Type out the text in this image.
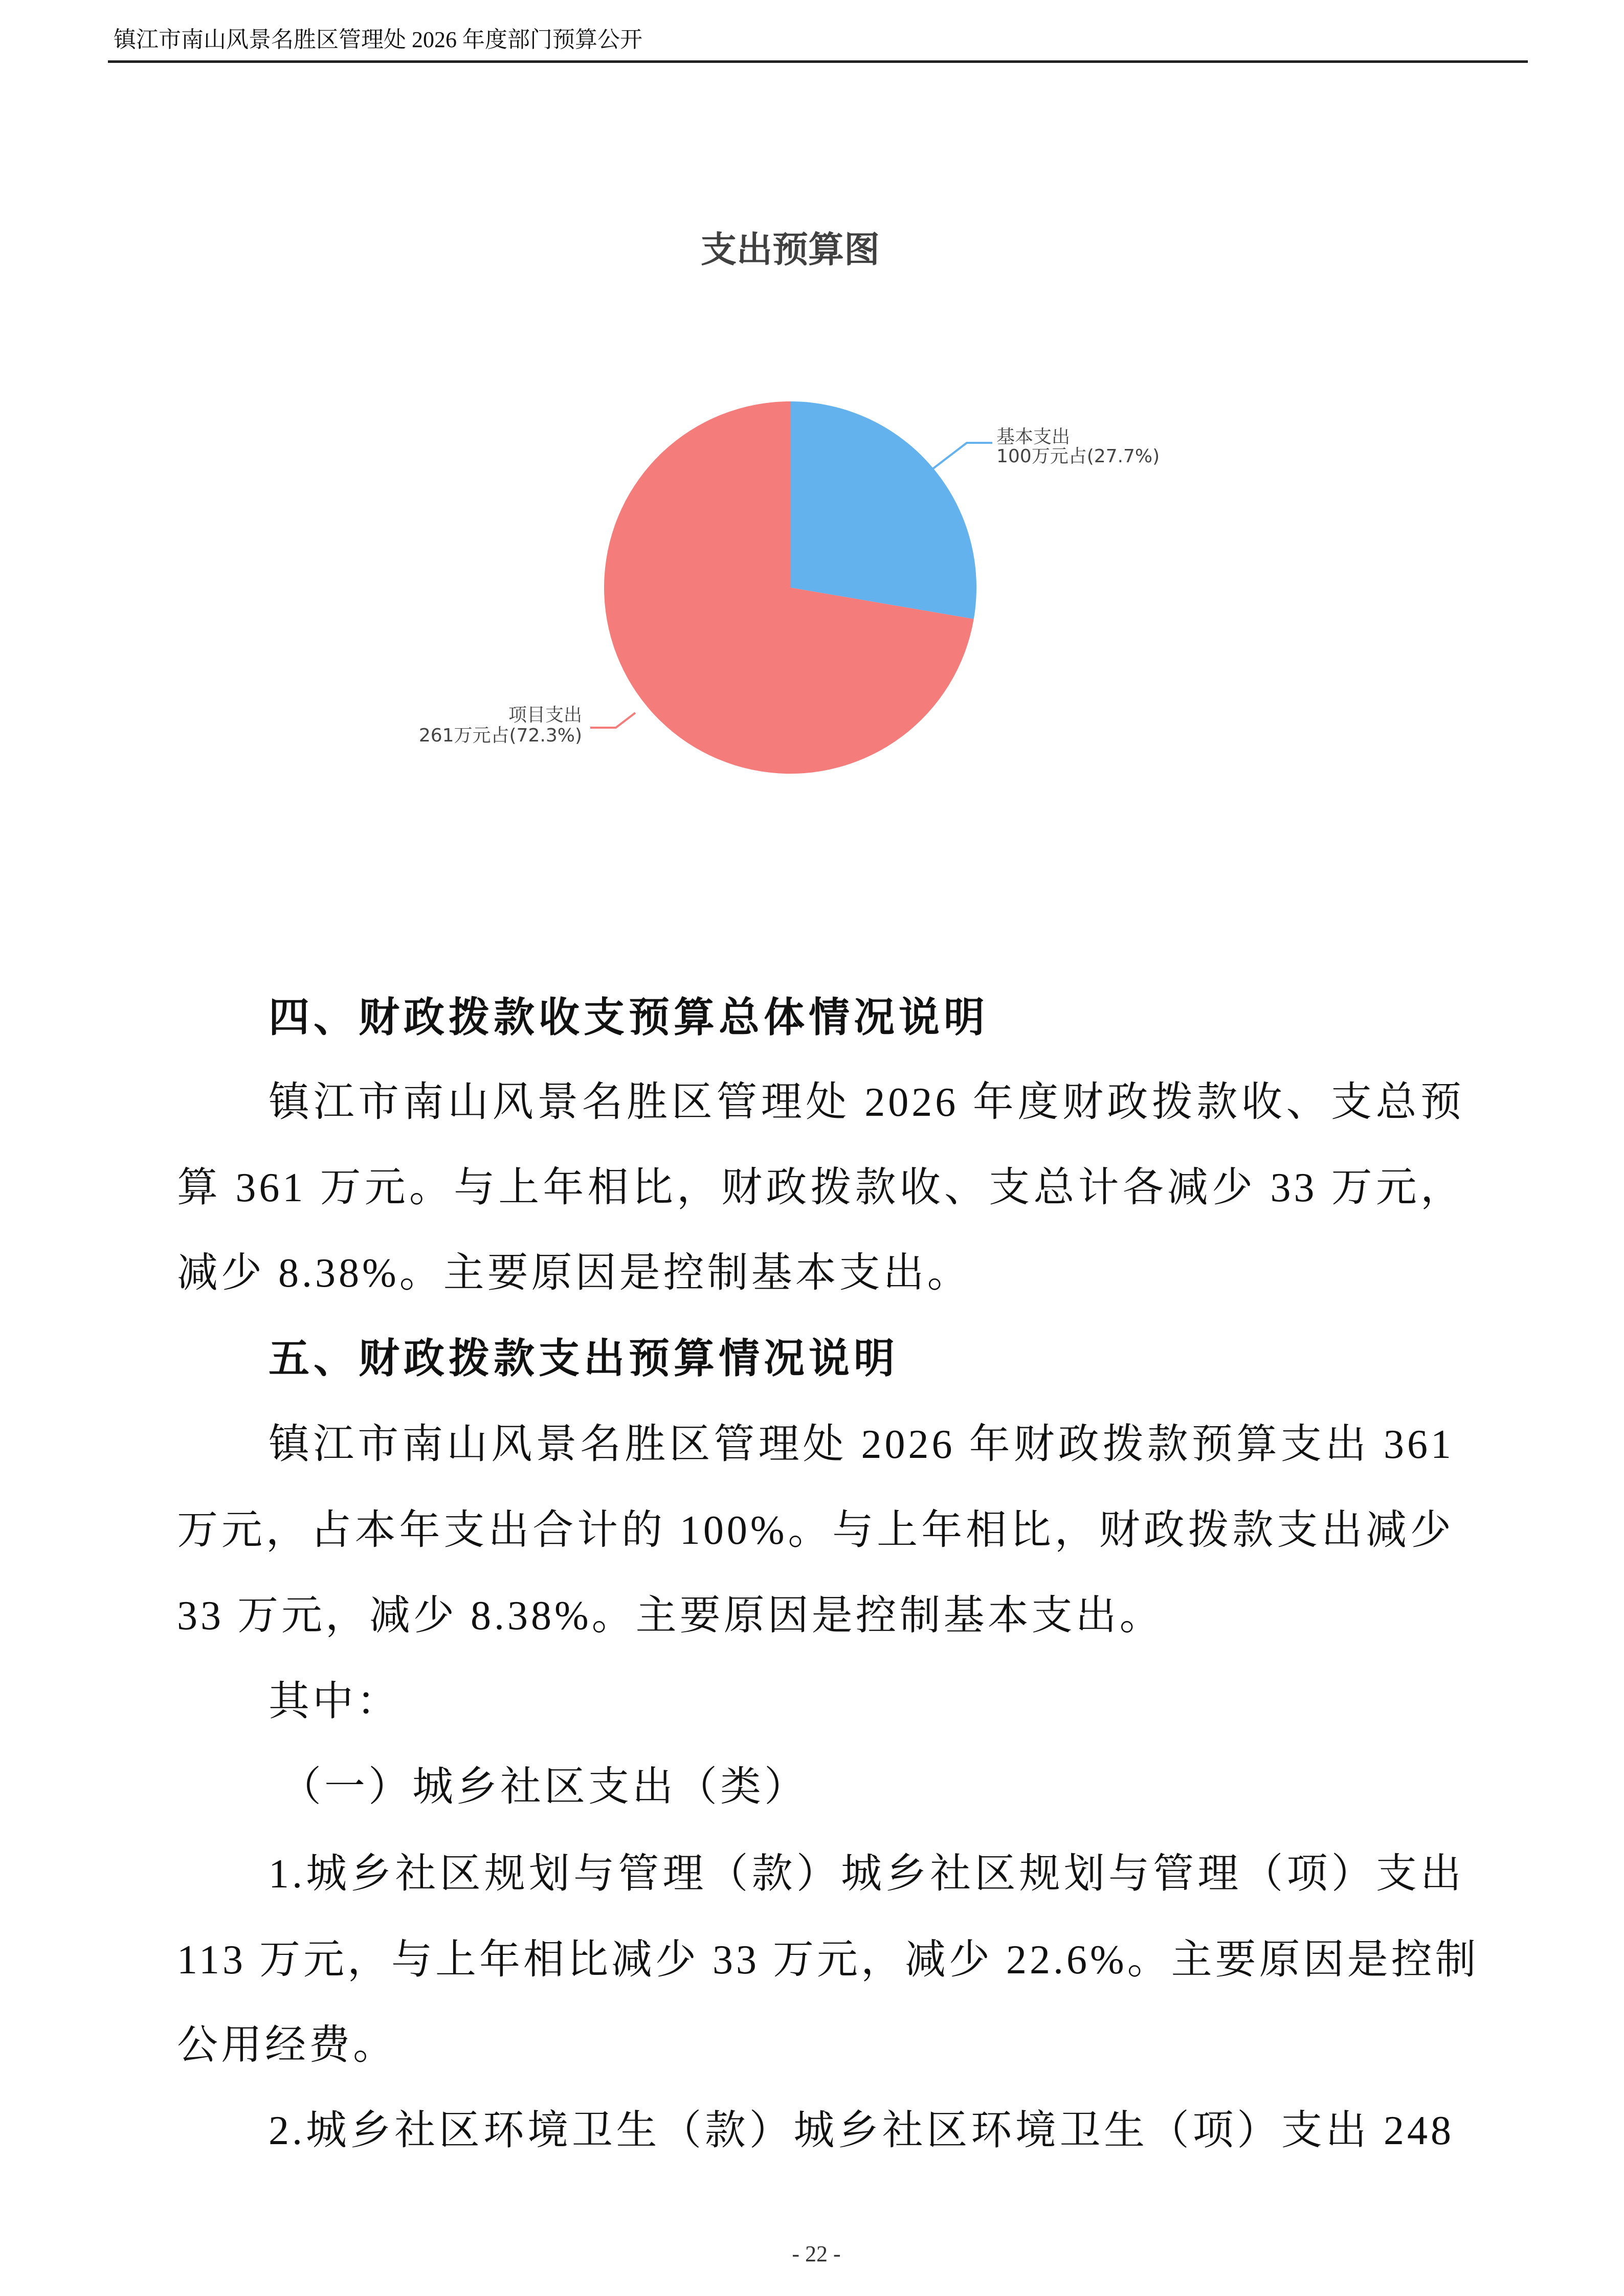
镇江市南山风景名胜区管理处 2026 年度部门预算公开
支出预算图
基本支出
100万元占(27.7%)
项目支出
261万元占(72.3%)
四、财政拨款收支预算总体情况说明
镇江市南山风景名胜区管理处 2026 年度财政拨款收、支总预
算 361 万元。与上年相比，财政拨款收、支总计各减少 33 万元，
减少 8.38%。主要原因是控制基本支出。
五、财政拨款支出预算情况说明
镇江市南山风景名胜区管理处 2026 年财政拨款预算支出 361
万元，占本年支出合计的 100%。与上年相比，财政拨款支出减少
33 万元，减少 8.38%。主要原因是控制基本支出。
其中：
（一）城乡社区支出（类）
1.城乡社区规划与管理（款）城乡社区规划与管理（项）支出
113 万元，与上年相比减少 33 万元，减少 22.6%。主要原因是控制
公用经费。
2.城乡社区环境卫生（款）城乡社区环境卫生（项）支出 248
- 22 -
